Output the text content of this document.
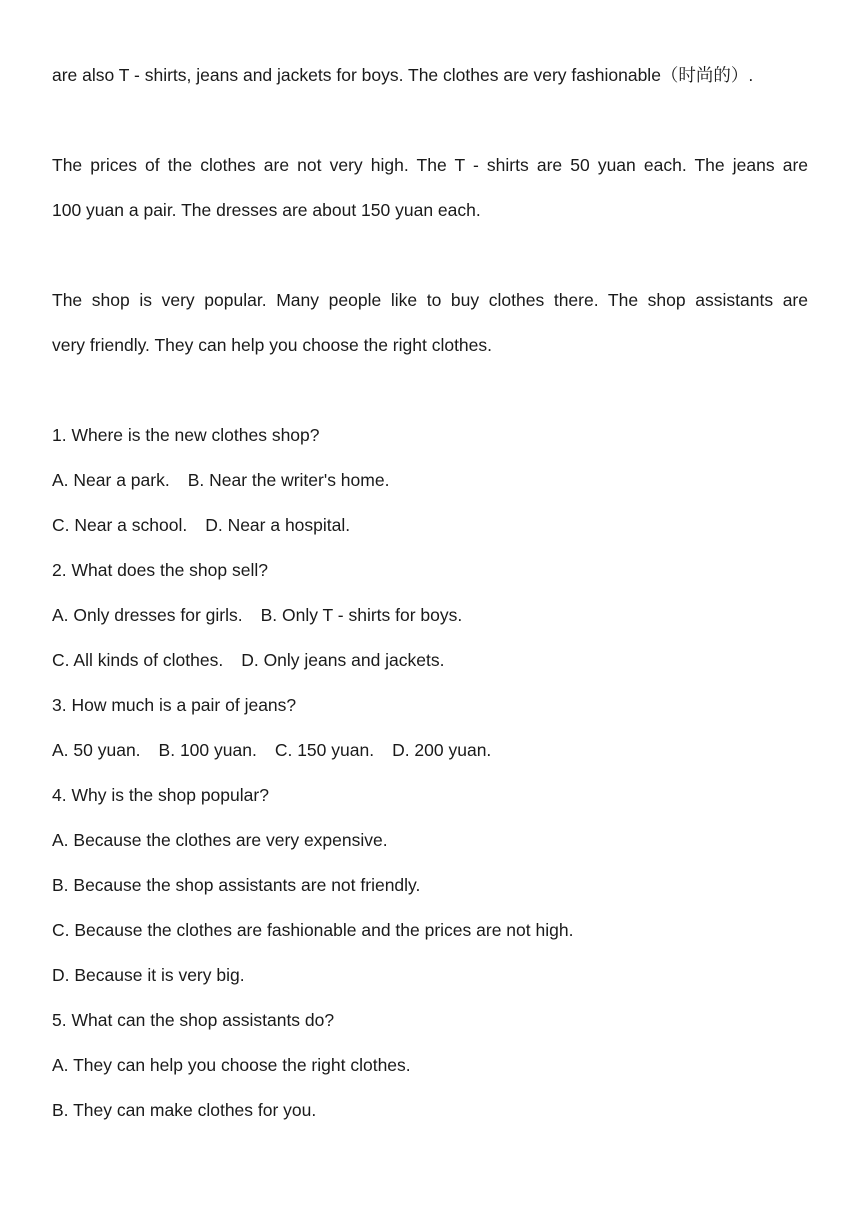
are also T - shirts, jeans and jackets for boys. The clothes are very fashionable（时尚的）.
The prices of the clothes are not very high. The T - shirts are 50 yuan each. The jeans are
100 yuan a pair. The dresses are about 150 yuan each.
The shop is very popular. Many people like to buy clothes there. The shop assistants are
very friendly. They can help you choose the right clothes.
1. Where is the new clothes shop?
A. Near a park. B. Near the writer's home.
C. Near a school. D. Near a hospital.
2. What does the shop sell?
A. Only dresses for girls. B. Only T - shirts for boys.
C. All kinds of clothes. D. Only jeans and jackets.
3. How much is a pair of jeans?
A. 50 yuan. B. 100 yuan. C. 150 yuan. D. 200 yuan.
4. Why is the shop popular?
A. Because the clothes are very expensive.
B. Because the shop assistants are not friendly.
C. Because the clothes are fashionable and the prices are not high.
D. Because it is very big.
5. What can the shop assistants do?
A. They can help you choose the right clothes.
B. They can make clothes for you.
